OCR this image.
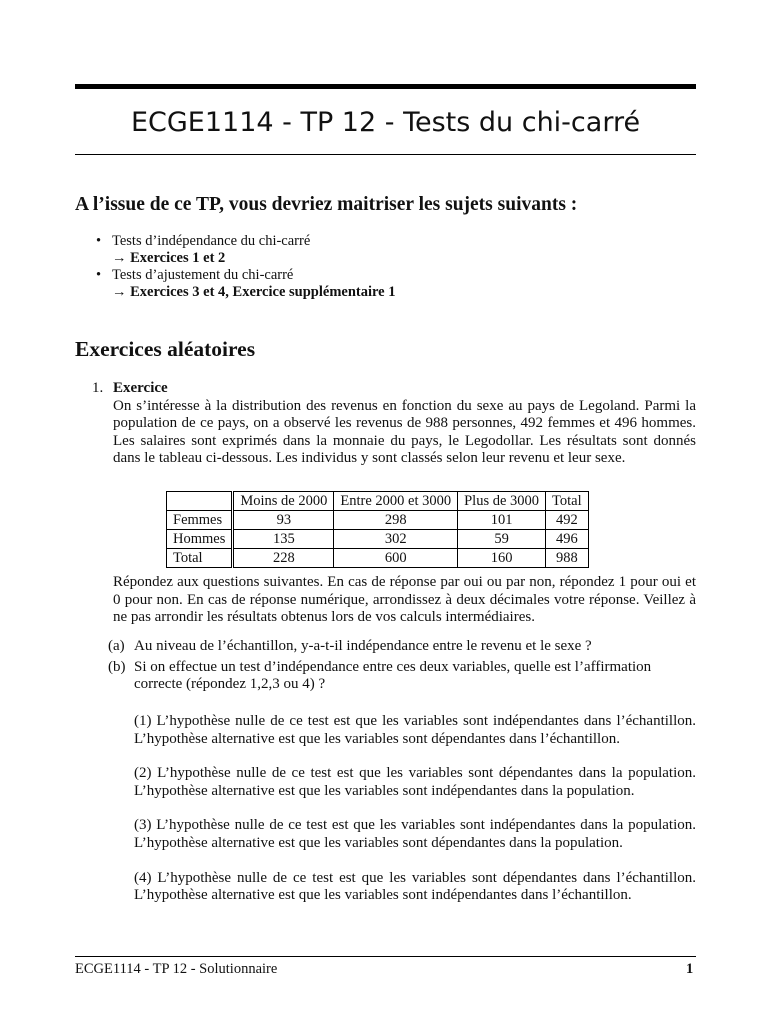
ECGE1114 - TP 12 - Tests du chi-carré
A l’issue de ce TP, vous devriez maitriser les sujets suivants :
• Tests d’indépendance du chi-carré
→ Exercices 1 et 2
• Tests d’ajustement du chi-carré
→ Exercices 3 et 4, Exercice supplémentaire 1
Exercices aléatoires
1. Exercice

On s’intéresse à la distribution des revenus en fonction du sexe au pays de Legoland. Parmi la population de ce pays, on a observé les revenus de 988 personnes, 492 femmes et 496 hommes. Les salaires sont exprimés dans la monnaie du pays, le Legodollar. Les résultats sont donnés dans le tableau ci-dessous. Les individus y sont classés selon leur revenu et leur sexe.

	Moins de 2000	Entre 2000 et 3000	Plus de 3000	Total
Femmes	93	298	101	492
Hommes	135	302	59	496
Total	228	600	160	988
Répondez aux questions suivantes. En cas de réponse par oui ou par non, répondez 1 pour oui et 0 pour non. En cas de réponse numérique, arrondissez à deux décimales votre réponse. Veillez à ne pas arrondir les résultats obtenus lors de vos calculs intermédiaires.
(a) Au niveau de l’échantillon, y-a-t-il indépendance entre le revenu et le sexe ?
(b) Si on effectue un test d’indépendance entre ces deux variables, quelle est l’affirmation correcte (répondez 1,2,3 ou 4) ?

(1) L’hypothèse nulle de ce test est que les variables sont indépendantes dans l’échantillon. L’hypothèse alternative est que les variables sont dépendantes dans l’échantillon.

(2) L’hypothèse nulle de ce test est que les variables sont dépendantes dans la population. L’hypothèse alternative est que les variables sont indépendantes dans la population.

(3) L’hypothèse nulle de ce test est que les variables sont indépendantes dans la population. L’hypothèse alternative est que les variables sont dépendantes dans la population.

(4) L’hypothèse nulle de ce test est que les variables sont dépendantes dans l’échantillon. L’hypothèse alternative est que les variables sont indépendantes dans l’échantillon.

ECGE1114 - TP 12 - Solutionnaire	1
